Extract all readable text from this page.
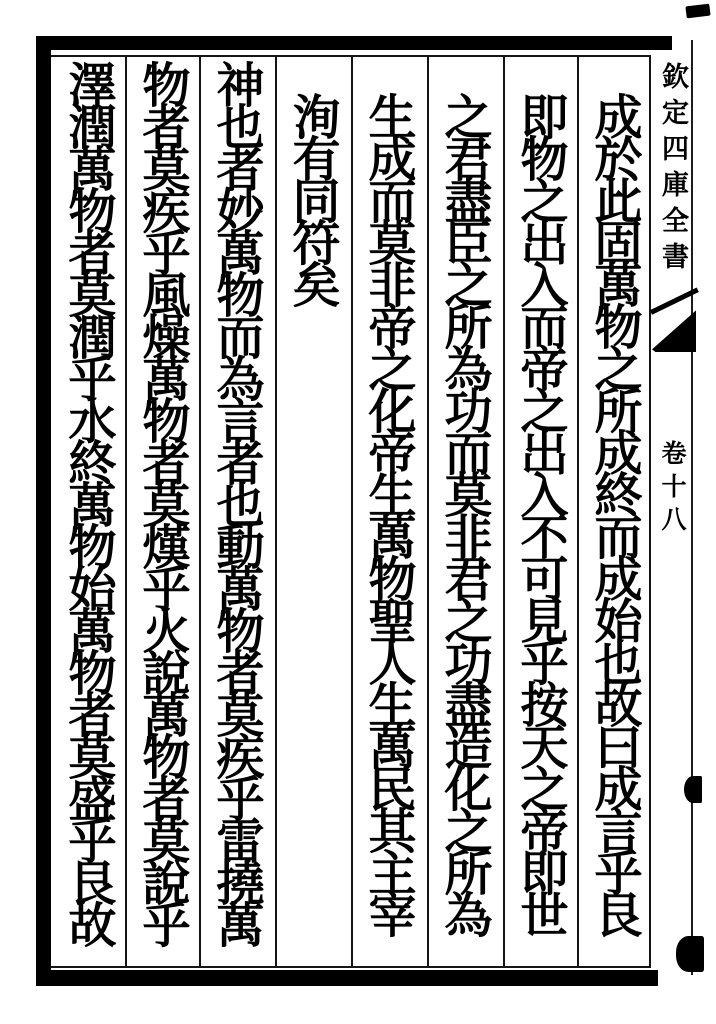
成於此固萬物之所成終而成始也故曰成言乎艮
即物之出入而帝之出入不可見乎按天之帝即世
之君盡臣之所為功而莫非君之功盡造化之所為
生成而莫非帝之化帝生萬物聖人生萬民其主宰
洵有同符矣
神也者妙萬物而為言者也動萬物者莫疾乎雷撓萬
物者莫疾乎風燥萬物者莫熯乎火說萬物者莫說乎
澤潤萬物者莫潤乎水終萬物始萬物者莫盛乎艮故	欽定四庫全書
卷十八
